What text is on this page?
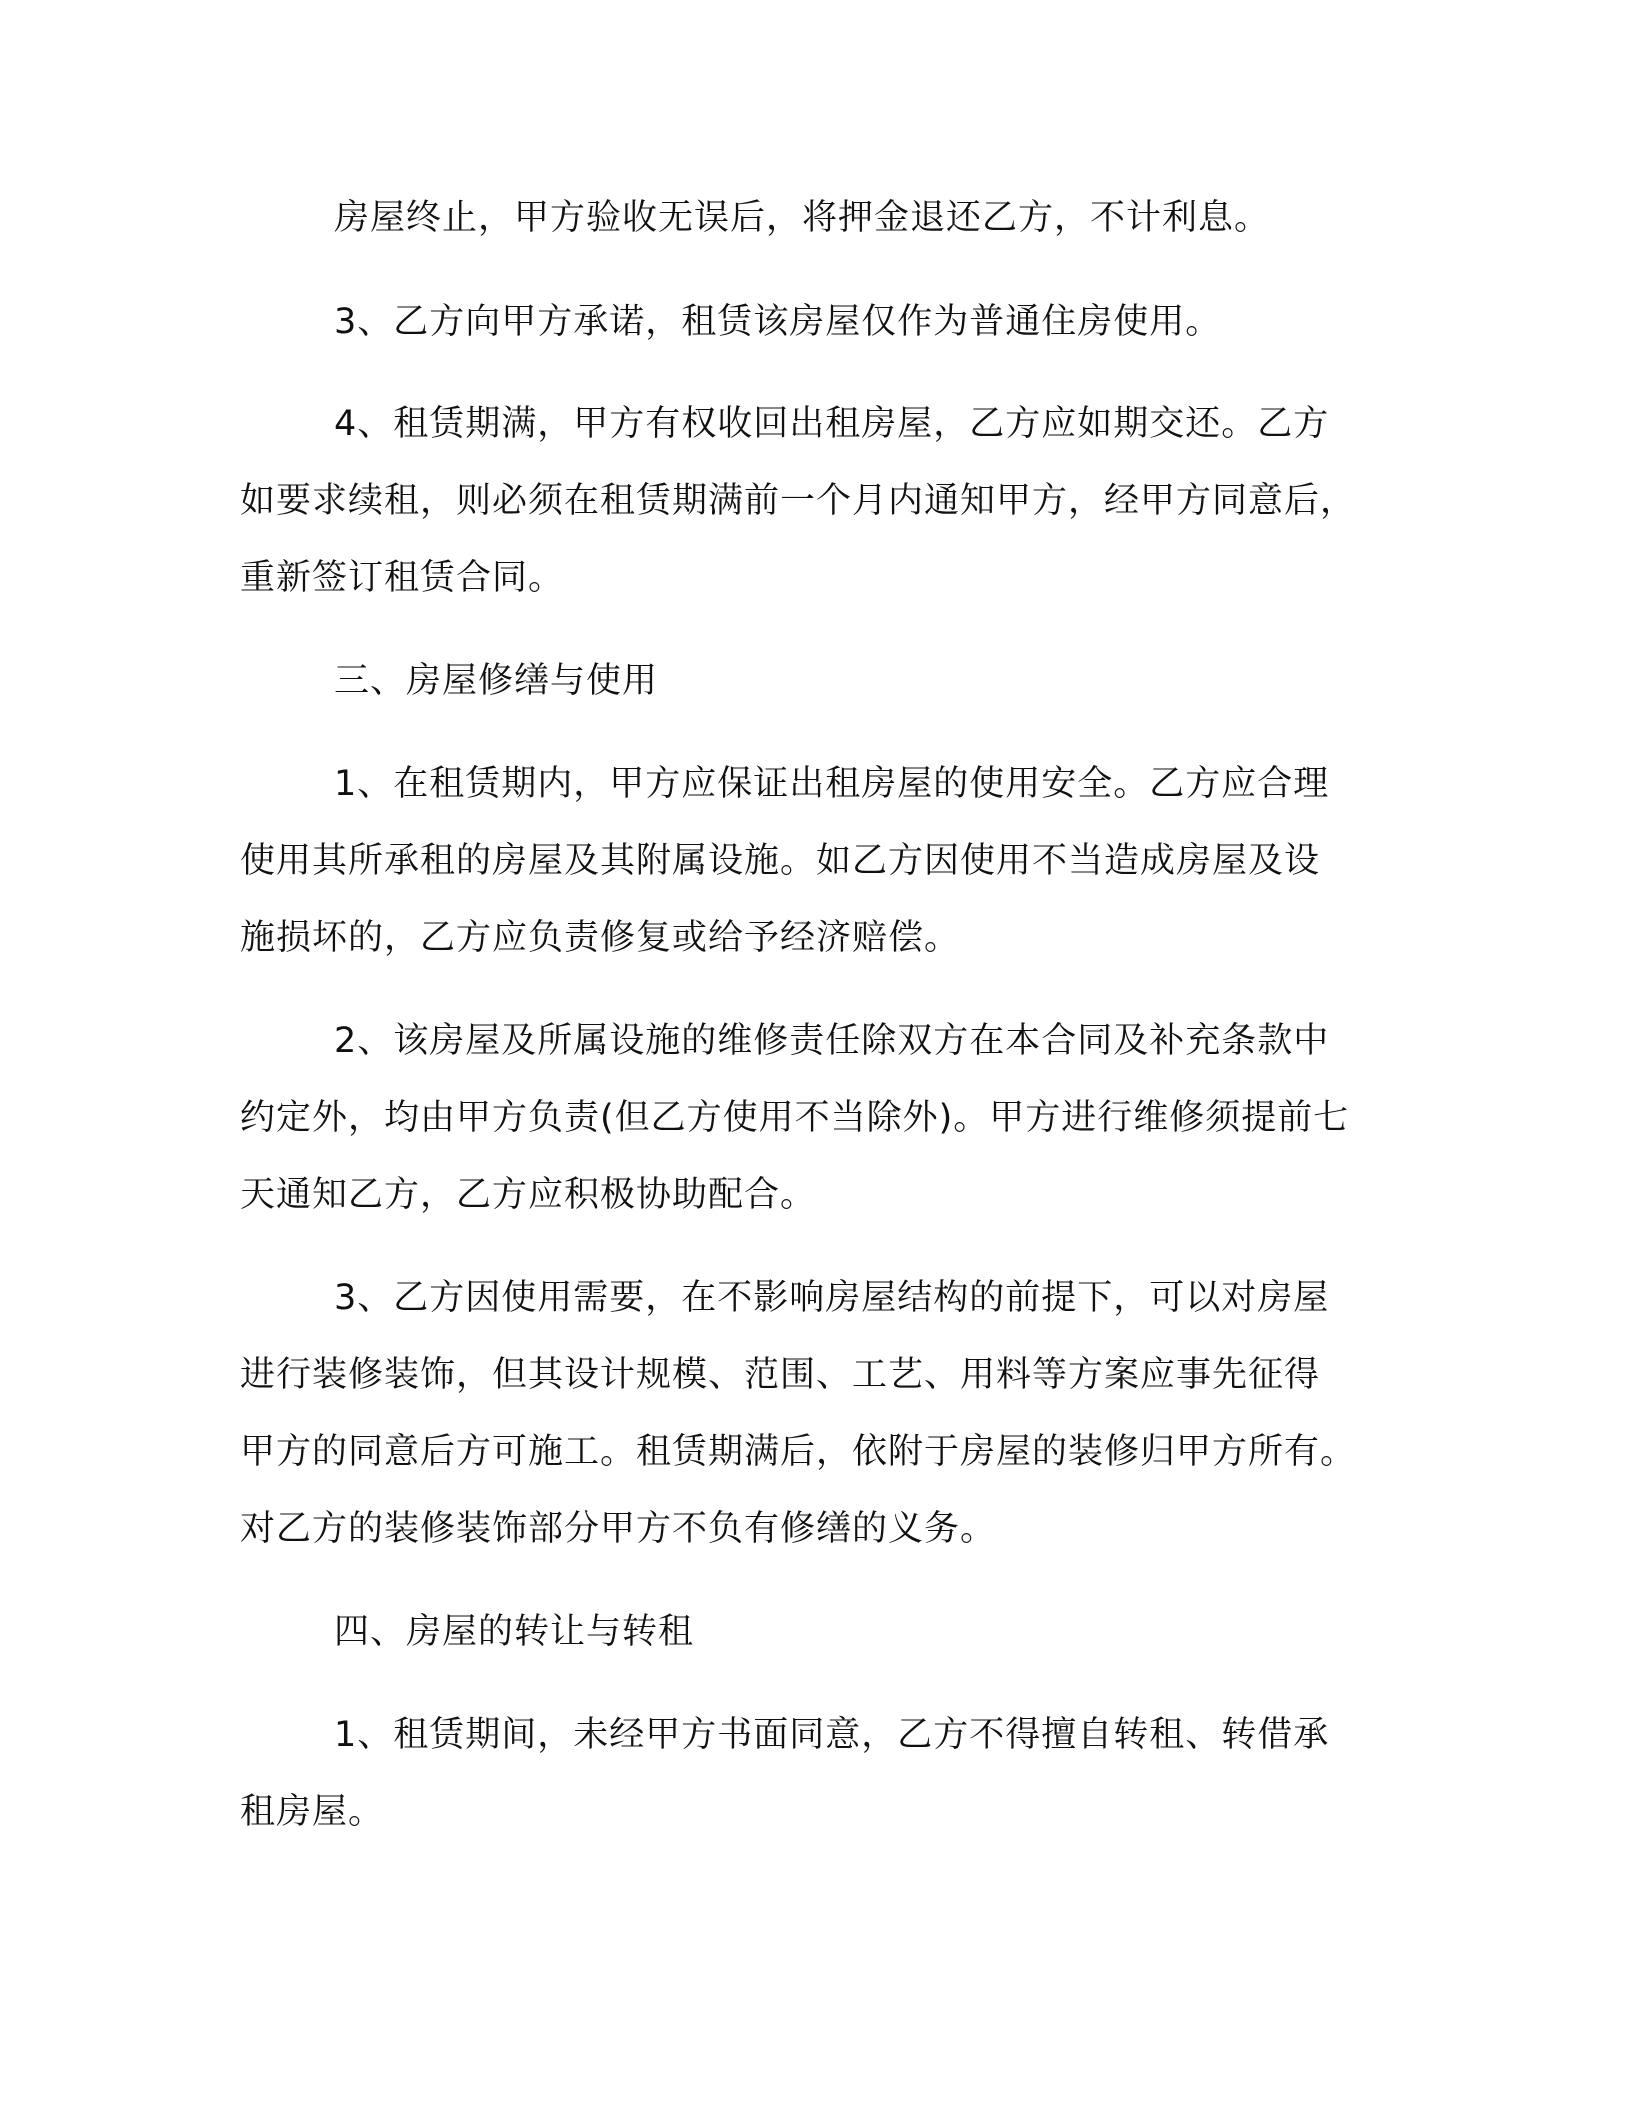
房屋终止，甲方验收无误后，将押金退还乙方，不计利息。
3、乙方向甲方承诺，租赁该房屋仅作为普通住房使用。
4、租赁期满，甲方有权收回出租房屋，乙方应如期交还。乙方
如要求续租，则必须在租赁期满前一个月内通知甲方，经甲方同意后，
重新签订租赁合同。
三、房屋修缮与使用
1、在租赁期内，甲方应保证出租房屋的使用安全。乙方应合理
使用其所承租的房屋及其附属设施。如乙方因使用不当造成房屋及设
施损坏的，乙方应负责修复或给予经济赔偿。
2、该房屋及所属设施的维修责任除双方在本合同及补充条款中
约定外，均由甲方负责(但乙方使用不当除外)。甲方进行维修须提前七
天通知乙方，乙方应积极协助配合。
3、乙方因使用需要，在不影响房屋结构的前提下，可以对房屋
进行装修装饰，但其设计规模、范围、工艺、用料等方案应事先征得
甲方的同意后方可施工。租赁期满后，依附于房屋的装修归甲方所有。
对乙方的装修装饰部分甲方不负有修缮的义务。
四、房屋的转让与转租
1、租赁期间，未经甲方书面同意，乙方不得擅自转租、转借承
租房屋。
